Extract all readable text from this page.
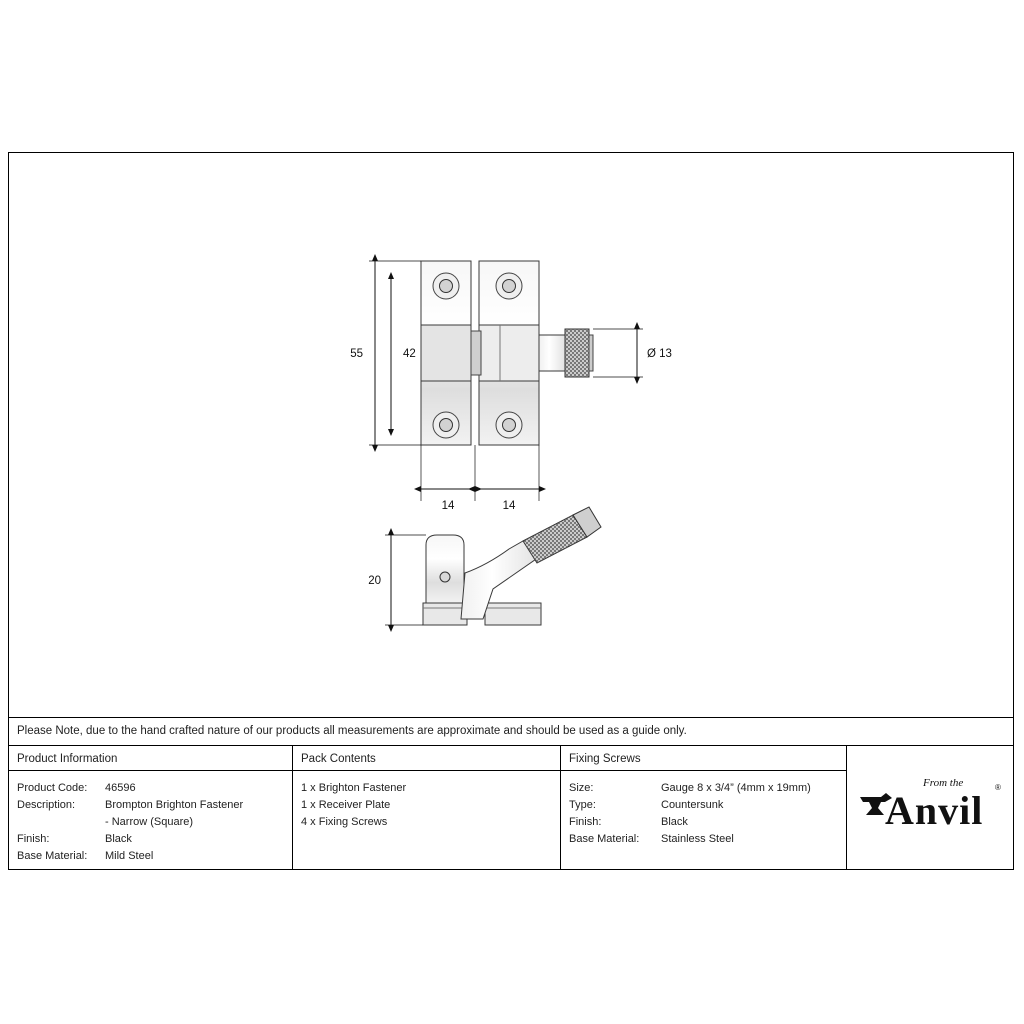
55	42	Ø 13
14	14
20
Please Note, due to the hand crafted nature of our products all measurements are approximate and should be used as a guide only.
Product Information
Product Code:	46596
Description:	Brompton Brighton Fastener
- Narrow (Square)
Finish:	Black
Base Material:	Mild Steel
Pack Contents
1 x Brighton Fastener
1 x Receiver Plate
4 x Fixing Screws
Fixing Screws
Size:	Gauge 8 x 3/4” (4mm x 19mm)
Type:	Countersunk
Finish:	Black
Base Material:	Stainless Steel
From the
Anvil
®
